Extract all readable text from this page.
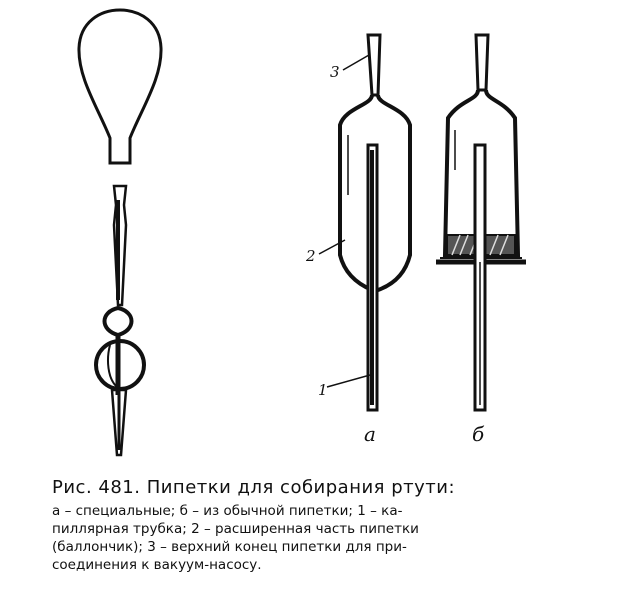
3
2
1
а	б

Рис. 481. Пипетки для собирания ртути:

а – специальные; б – из обычной пипетки; 1 – ка-
пиллярная трубка; 2 – расширенная часть пипетки
(баллончик); 3 – верхний конец пипетки для при-
соединения к вакуум-насосу.
